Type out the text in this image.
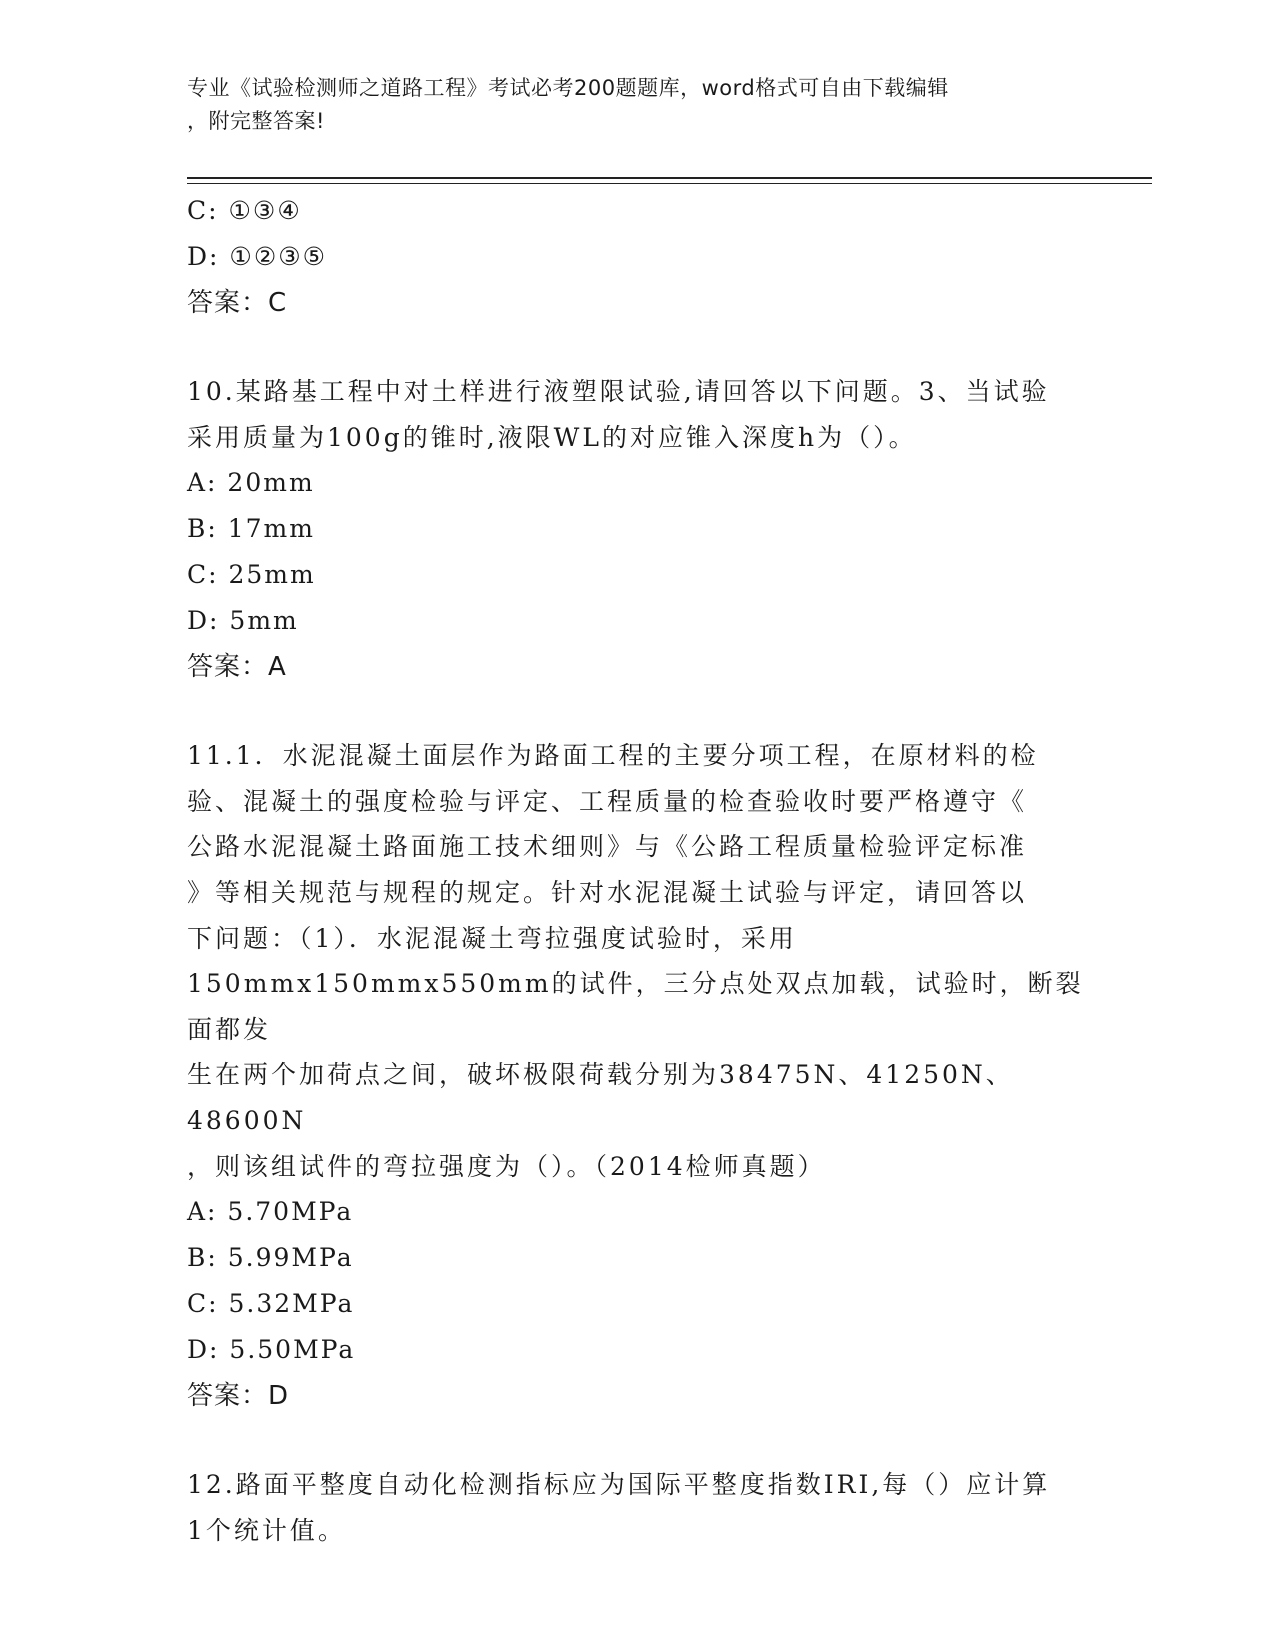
专业《试验检测师之道路工程》考试必考200题题库，word格式可自由下载编辑
，附完整答案!
C: ①③④
D: ①②③⑤
答案：C
10.某路基工程中对土样进行液塑限试验,请回答以下问题。3、当试验
采用质量为100g的锥时,液限WL的对应锥入深度h为（）。
A: 20mm
B: 17mm
C: 25mm
D: 5mm
答案：A
11.1．水泥混凝土面层作为路面工程的主要分项工程，在原材料的检
验、混凝土的强度检验与评定、工程质量的检查验收时要严格遵守《
公路水泥混凝土路面施工技术细则》与《公路工程质量检验评定标准
》等相关规范与规程的规定。针对水泥混凝土试验与评定，请回答以
下问题：（1）．水泥混凝土弯拉强度试验时，采用
150mmx150mmx550mm的试件，三分点处双点加载，试验时，断裂面都发
生在两个加荷点之间，破坏极限荷载分别为38475N、41250N、48600N
，则该组试件的弯拉强度为（）。（2014检师真题）
A: 5.70MPa
B: 5.99MPa
C: 5.32MPa
D: 5.50MPa
答案：D
12.路面平整度自动化检测指标应为国际平整度指数IRI,每（）应计算
1个统计值。
